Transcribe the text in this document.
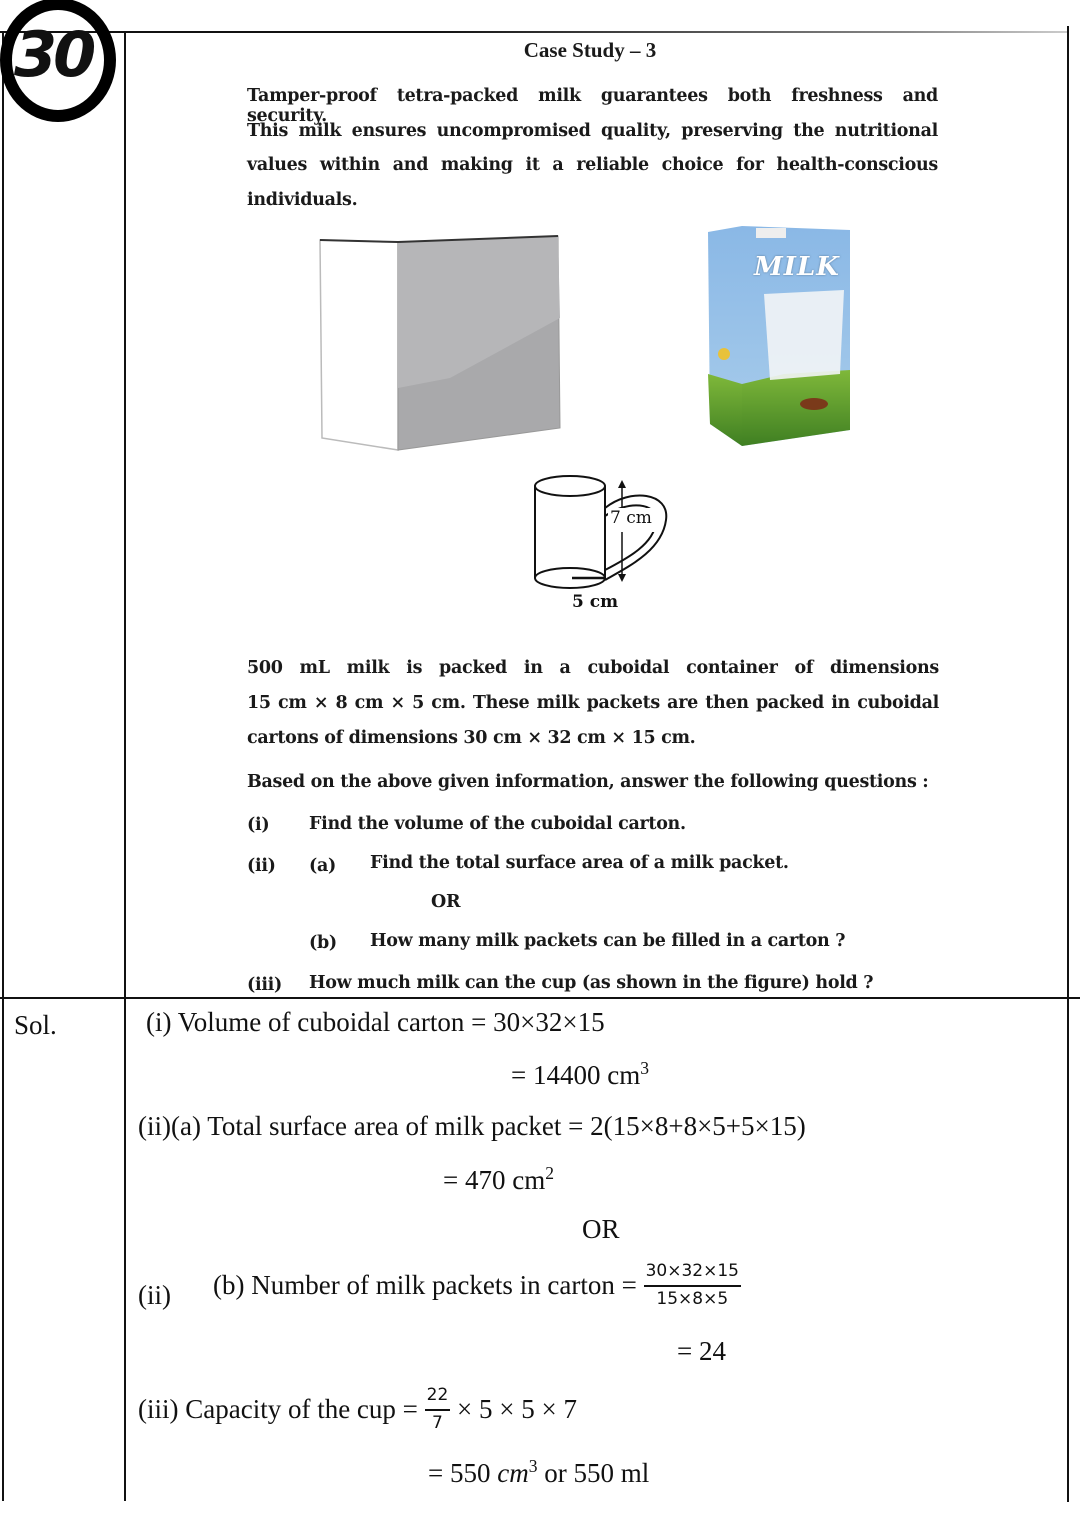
30	Case Study – 3
Tamper-proof tetra-packed milk guarantees both freshness and security.
This milk ensures uncompromised quality, preserving the nutritional
values within and making it a reliable choice for health-conscious
individuals.
MILK
7 cm
5 cm
500 mL milk is packed in a cuboidal container of dimensions
15 cm × 8 cm × 5 cm. These milk packets are then packed in cuboidal
cartons of dimensions 30 cm × 32 cm × 15 cm.
Based on the above given information, answer the following questions :
(i) Find the volume of the cuboidal carton.
(ii) (a) Find the total surface area of a milk packet.
OR
(b) How many milk packets can be filled in a carton ?
(iii) How much milk can the cup (as shown in the figure) hold ?
Sol.	(i) Volume of cuboidal carton = 30×32×15
= 14400 $cm^3$
(ii)(a) Total surface area of milk packet = 2(15×8+8×5+5×15)
= 470 $cm^2$
OR
(ii) (b) Number of milk packets in carton = $\frac{30\times 32\times 15}{15\times 8\times 5}$
= 24
(iii) Capacity of the cup = $\frac{22}{7} \times 5 \times 5 \times 7$
= 550 $cm^3$ or 550 ml
